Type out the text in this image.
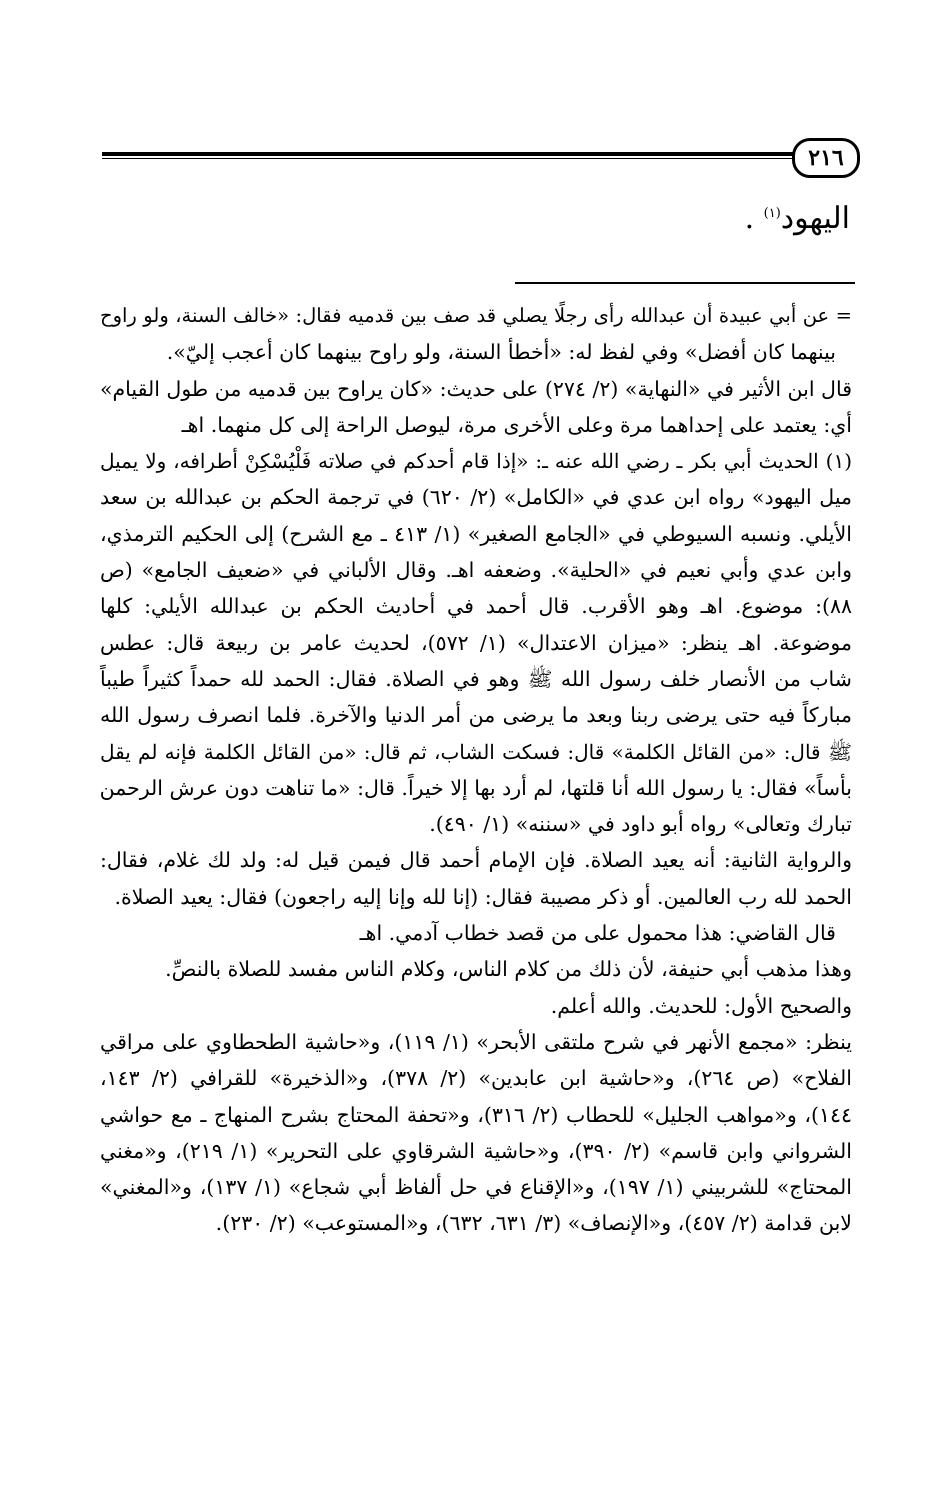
٢١٦
اليهود$^{(١)}$ .

= عن أبي عبيدة أن عبدالله رأى رجلًا يصلي قد صف بين قدميه فقال: «خالف السنة، ولو راوح

بينهما كان أفضل» وفي لفظ له: «أخطأ السنة، ولو راوح بينهما كان أعجب إليّ».

قال ابن الأثير في «النهاية» (٢/ ٢٧٤) على حديث: «كان يراوح بين قدميه من طول القيام»

أي: يعتمد على إحداهما مرة وعلى الأخرى مرة، ليوصل الراحة إلى كل منهما. اهـ

(١) الحديث أبي بكر ـ رضي الله عنه ـ: «إذا قام أحدكم في صلاته فَلْيُسْكِنْ أطرافه، ولا يميل

ميل اليهود» رواه ابن عدي في «الكامل» (٢/ ٦٢٠) في ترجمة الحكم بن عبدالله بن سعد

الأيلي. ونسبه السيوطي في «الجامع الصغير» (١/ ٤١٣ ـ مع الشرح) إلى الحكيم الترمذي،

وابن عدي وأبي نعيم في «الحلية». وضعفه اهـ. وقال الألباني في «ضعيف الجامع» (ص

٨٨): موضوع. اهـ وهو الأقرب. قال أحمد في أحاديث الحكم بن عبدالله الأيلي: كلها

موضوعة. اهـ ينظر: «ميزان الاعتدال» (١/ ٥٧٢)، لحديث عامر بن ربيعة قال: عطس

شاب من الأنصار خلف رسول الله ﷺ وهو في الصلاة. فقال: الحمد لله حمداً كثيراً طيباً

مباركاً فيه حتى يرضى ربنا وبعد ما يرضى من أمر الدنيا والآخرة. فلما انصرف رسول الله

ﷺ قال: «من القائل الكلمة» قال: فسكت الشاب، ثم قال: «من القائل الكلمة فإنه لم يقل

بأساً» فقال: يا رسول الله أنا قلتها، لم أرد بها إلا خيراً. قال: «ما تناهت دون عرش الرحمن

تبارك وتعالى» رواه أبو داود في «سننه» (١/ ٤٩٠).

والرواية الثانية: أنه يعيد الصلاة. فإن الإمام أحمد قال فيمن قيل له: ولد لك غلام، فقال:

الحمد لله رب العالمين. أو ذكر مصيبة فقال: (إنا لله وإنا إليه راجعون) فقال: يعيد الصلاة.

قال القاضي: هذا محمول على من قصد خطاب آدمي. اهـ

وهذا مذهب أبي حنيفة، لأن ذلك من كلام الناس، وكلام الناس مفسد للصلاة بالنصِّ.

والصحيح الأول: للحديث. والله أعلم.

ينظر: «مجمع الأنهر في شرح ملتقى الأبحر» (١/ ١١٩)، و«حاشية الطحطاوي على مراقي

الفلاح» (ص ٢٦٤)، و«حاشية ابن عابدين» (٢/ ٣٧٨)، و«الذخيرة» للقرافي (٢/ ١٤٣،

١٤٤)، و«مواهب الجليل» للحطاب (٢/ ٣١٦)، و«تحفة المحتاج بشرح المنهاج ـ مع حواشي

الشرواني وابن قاسم» (٢/ ٣٩٠)، و«حاشية الشرقاوي على التحرير» (١/ ٢١٩)، و«مغني

المحتاج» للشربيني (١/ ١٩٧)، و«الإقناع في حل ألفاظ أبي شجاع» (١/ ١٣٧)، و«المغني»

لابن قدامة (٢/ ٤٥٧)، و«الإنصاف» (٣/ ٦٣١، ٦٣٢)، و«المستوعب» (٢/ ٢٣٠).
